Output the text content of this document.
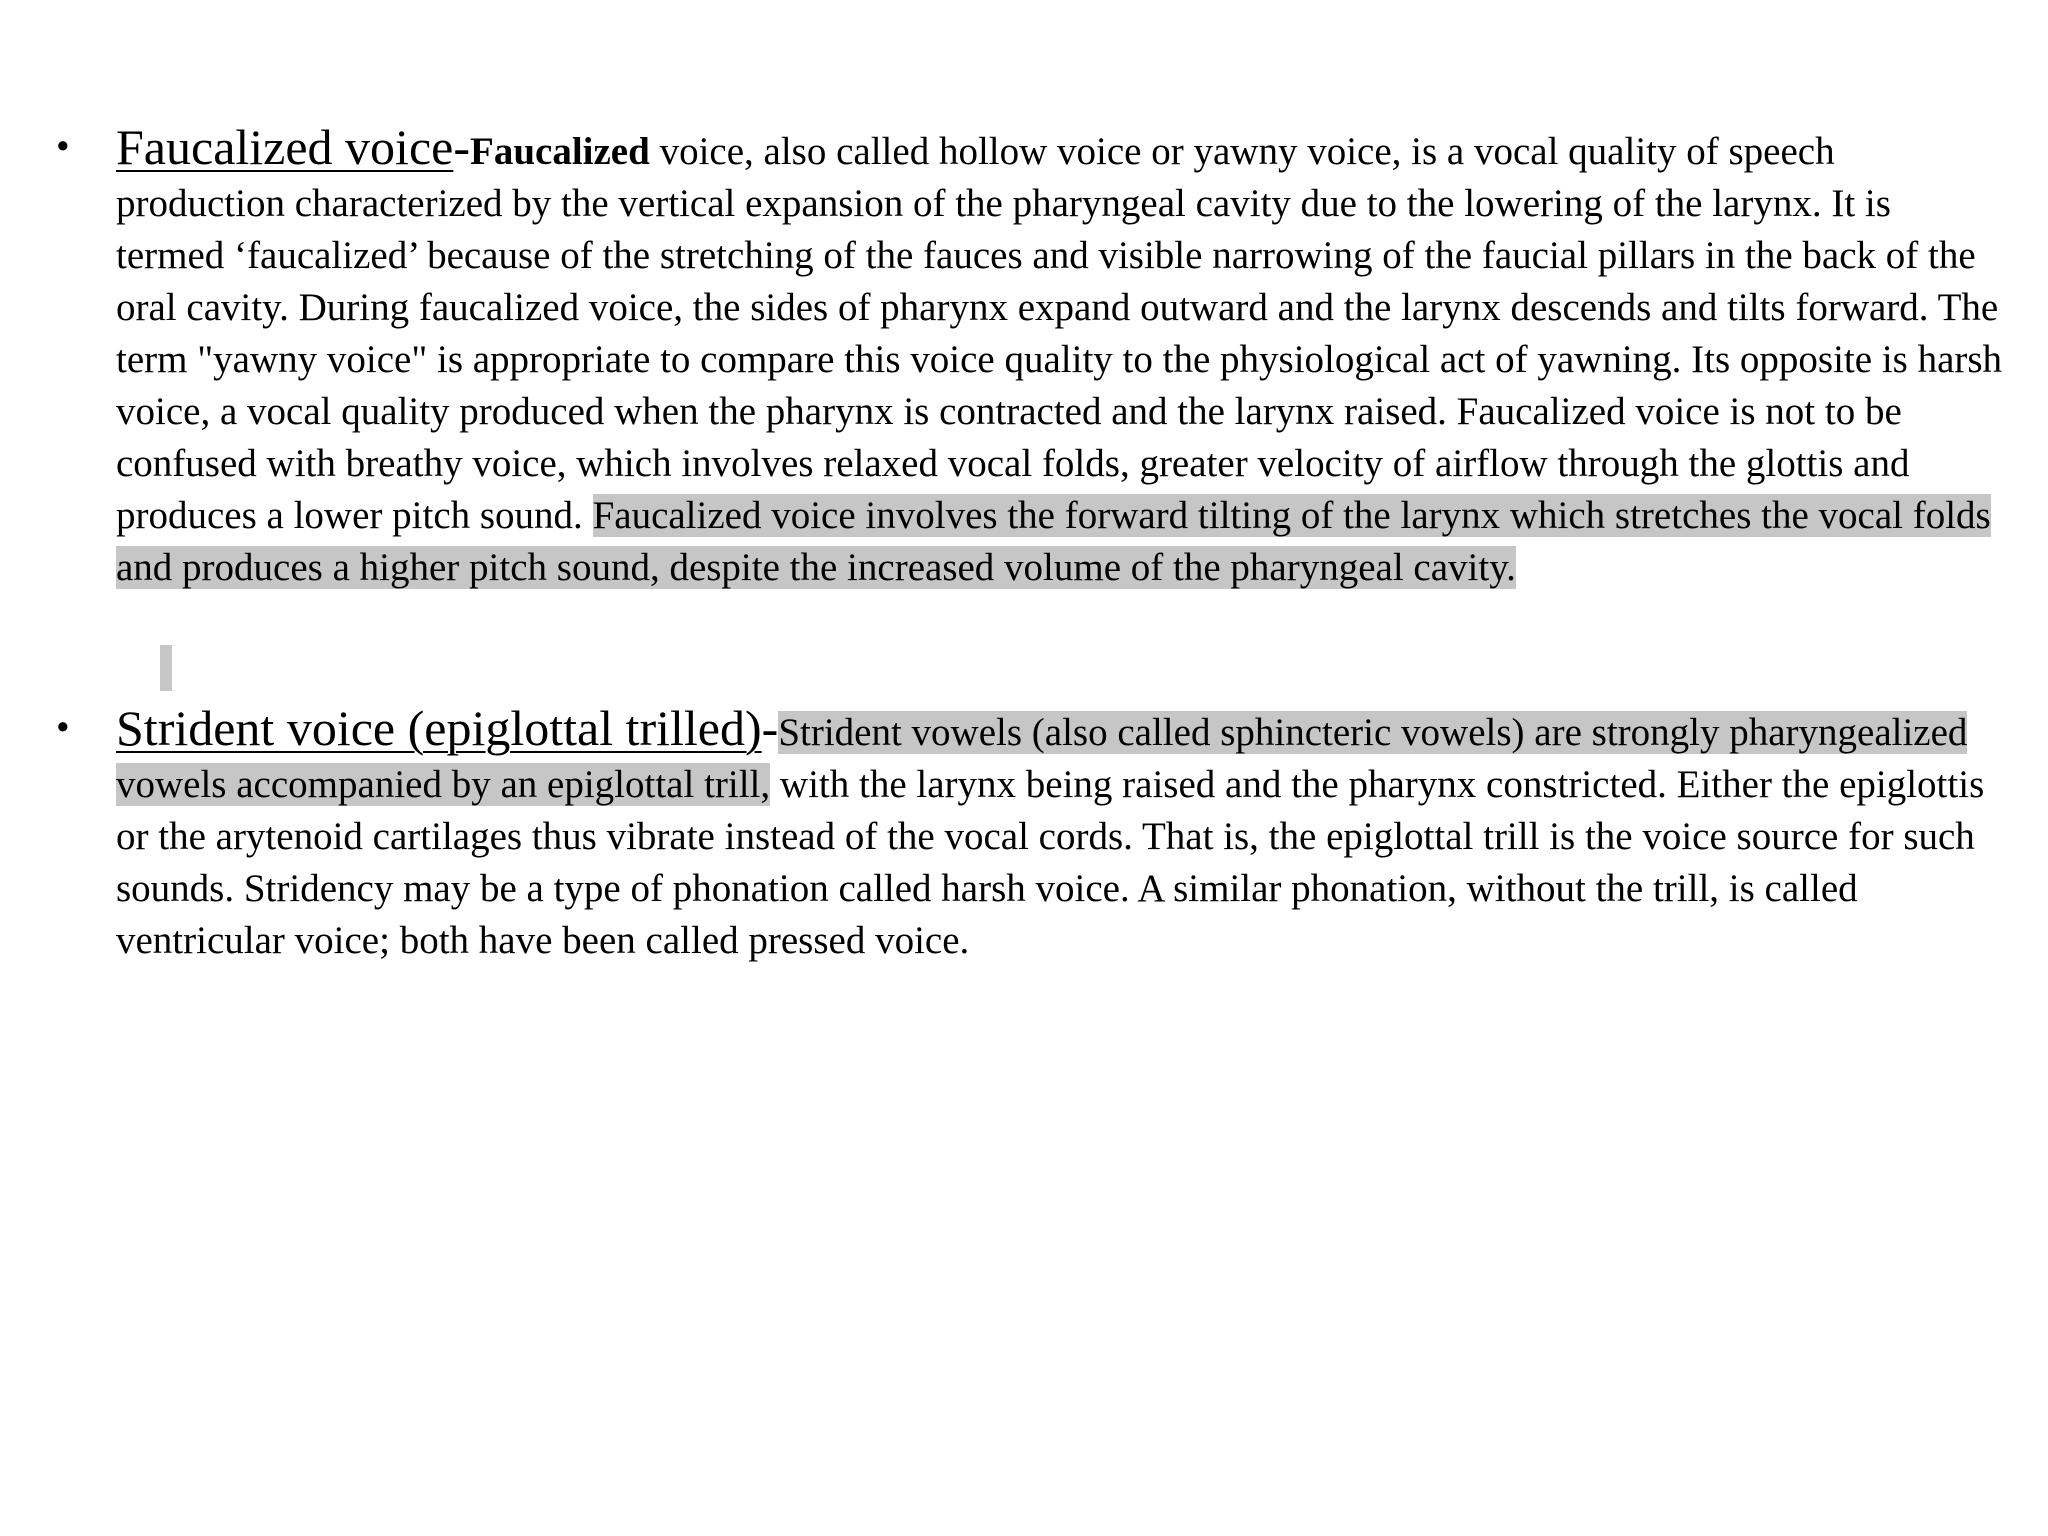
• Faucalized voice-Faucalized voice, also called hollow voice or yawny voice, is a vocal quality of speech production characterized by the vertical expansion of the pharyngeal cavity due to the lowering of the larynx. It is termed ‘faucalized’ because of the stretching of the fauces and visible narrowing of the faucial pillars in the back of the oral cavity. During faucalized voice, the sides of pharynx expand outward and the larynx descends and tilts forward. The term "yawny voice" is appropriate to compare this voice quality to the physiological act of yawning. Its opposite is harsh voice, a vocal quality produced when the pharynx is contracted and the larynx raised. Faucalized voice is not to be confused with breathy voice, which involves relaxed vocal folds, greater velocity of airflow through the glottis and produces a lower pitch sound. Faucalized voice involves the forward tilting of the larynx which stretches the vocal folds and produces a higher pitch sound, despite the increased volume of the pharyngeal cavity.
• Strident voice (epiglottal trilled)-Strident vowels (also called sphincteric vowels) are strongly pharyngealized vowels accompanied by an epiglottal trill, with the larynx being raised and the pharynx constricted. Either the epiglottis or the arytenoid cartilages thus vibrate instead of the vocal cords. That is, the epiglottal trill is the voice source for such sounds. Stridency may be a type of phonation called harsh voice. A similar phonation, without the trill, is called ventricular voice; both have been called pressed voice.
